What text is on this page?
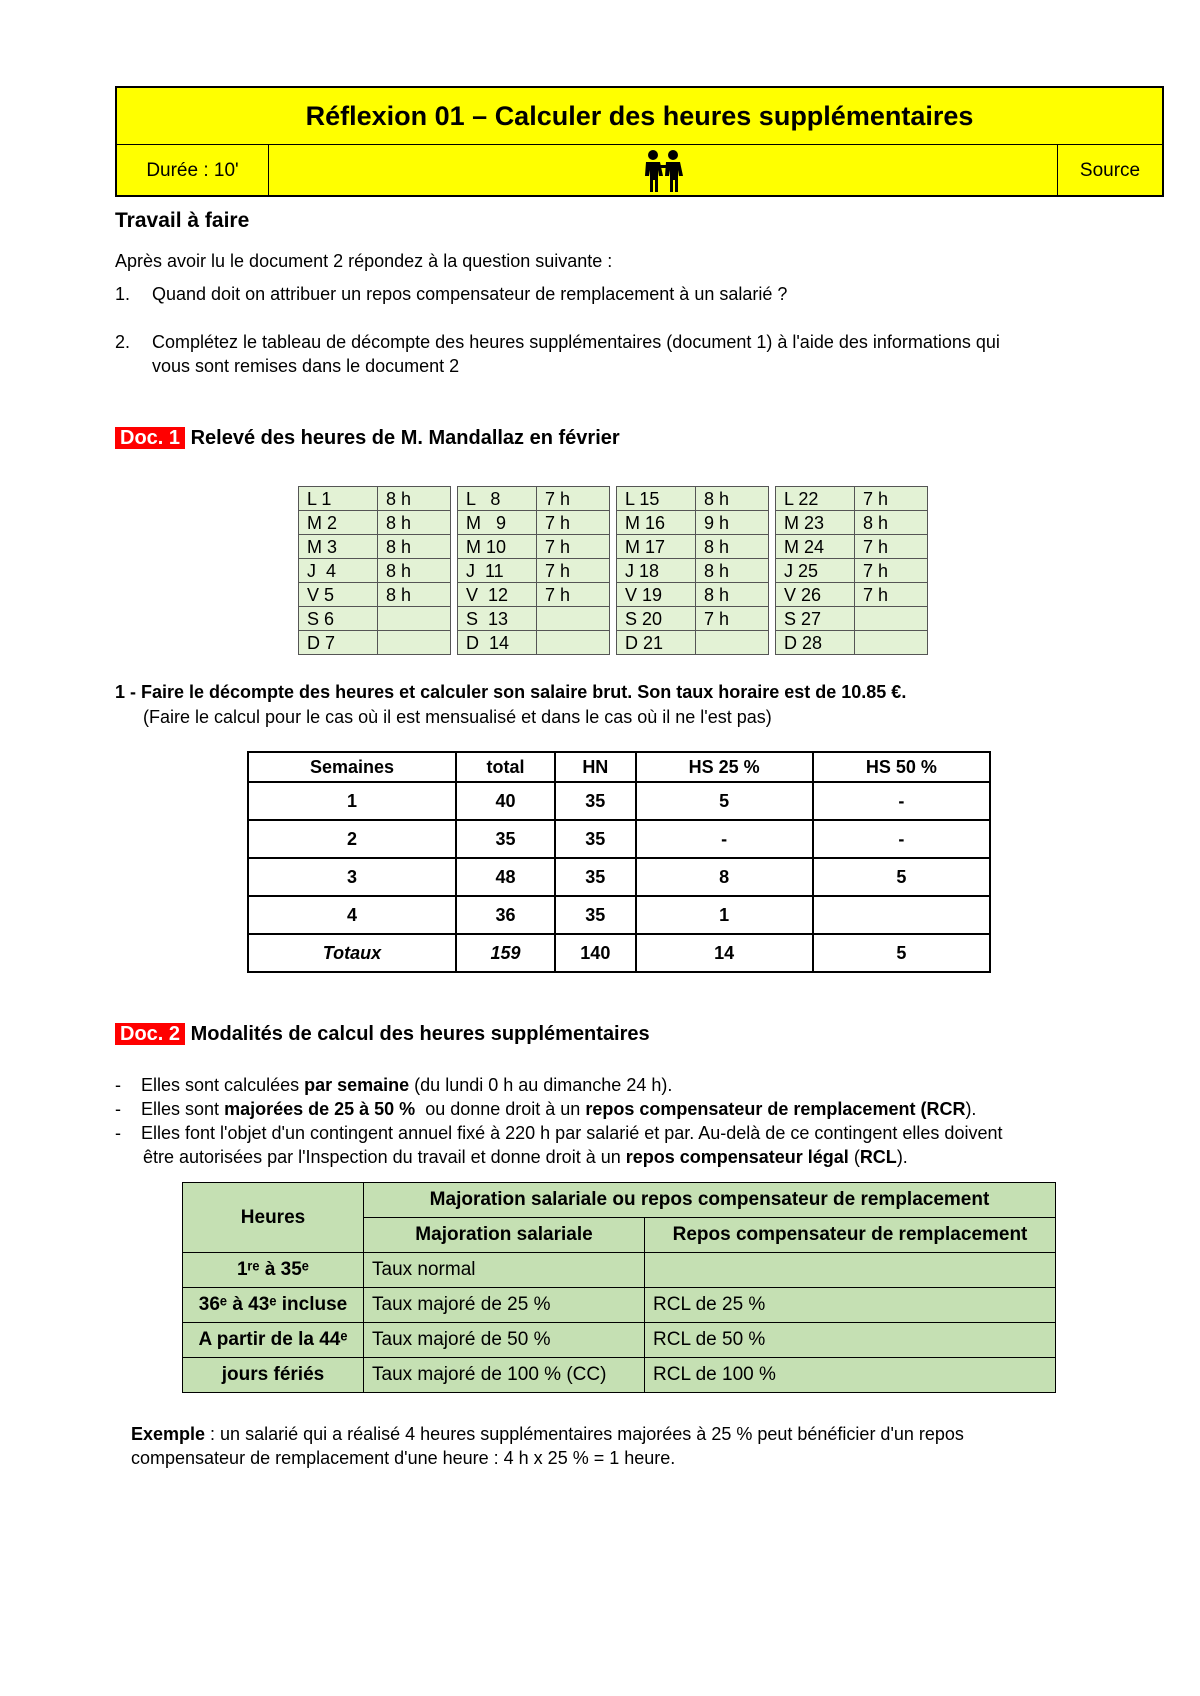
Réflexion 01 – Calculer des heures supplémentaires
Durée : 10'	Source
Travail à faire
Après avoir lu le document 2 répondez à la question suivante :
1. Quand doit on attribuer un repos compensateur de remplacement à un salarié ?
2. Complétez le tableau de décompte des heures supplémentaires (document 1) à l'aide des informations qui
vous sont remises dans le document 2
Doc. 1 Relevé des heures de M. Mandallaz en février
L 1	8 h		L   8	7 h		L 15	8 h		L 22	7 h
M 2	8 h		M   9	7 h		M 16	9 h		M 23	8 h
M 3	8 h		M 10	7 h		M 17	8 h		M 24	7 h
J  4	8 h		J  11	7 h		J 18	8 h		J 25	7 h
V 5	8 h		V  12	7 h		V 19	8 h		V 26	7 h
S 6			S  13			S 20	7 h		S 27	
D 7			D  14			D 21			D 28	
1 - Faire le décompte des heures et calculer son salaire brut. Son taux horaire est de 10.85 €.
(Faire le calcul pour le cas où il est mensualisé et dans le cas où il ne l'est pas)
Semaines	total	HN	HS 25 %	HS 50 %
1	40	35	5	-
2	35	35	-	-
3	48	35	8	5
4	36	35	1	
Totaux	159	140	14	5
Doc. 2 Modalités de calcul des heures supplémentaires
- Elles sont calculées par semaine (du lundi 0 h au dimanche 24 h).
- Elles sont majorées de 25 à 50 %  ou donne droit à un repos compensateur de remplacement (RCR).
- Elles font l'objet d'un contingent annuel fixé à 220 h par salarié et par. Au-delà de ce contingent elles doivent
être autorisées par l'Inspection du travail et donne droit à un repos compensateur légal (RCL).
Heures	Majoration salariale ou repos compensateur de remplacement	
	Majoration salariale	Repos compensateur de remplacement
1ʳᵉ à 35ᵉ	Taux normal	
36ᵉ à 43ᵉ incluse	Taux majoré de 25 %	RCL de 25 %
A partir de la 44ᵉ	Taux majoré de 50 %	RCL de 50 %
jours fériés	Taux majoré de 100 % (CC)	RCL de 100 %
Exemple : un salarié qui a réalisé 4 heures supplémentaires majorées à 25 % peut bénéficier d'un repos
compensateur de remplacement d'une heure : 4 h x 25 % = 1 heure.
